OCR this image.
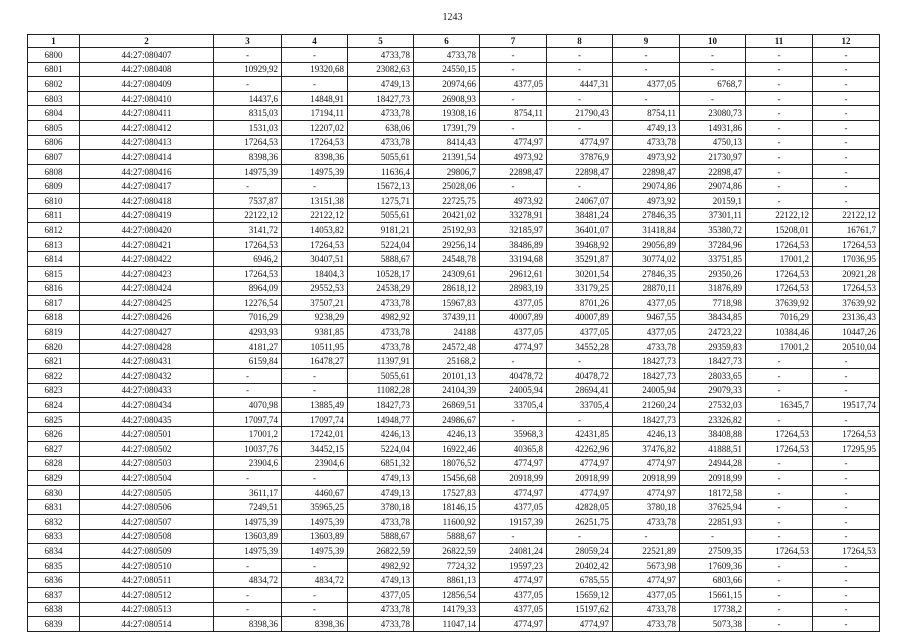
1243
1	2	3	4	5	6	7	8	9	10	11	12
6800	44:27:080407	-	-	4733,78	4733,78	-	-	-	-	-	-
6801	44:27:080408	10929,92	19320,68	23082,63	24550,15	-	-	-	-	-	-
6802	44:27:080409	-	-	4749,13	20974,66	4377,05	4447,31	4377,05	6768,7	-	-
6803	44:27:080410	14437,6	14848,91	18427,73	26908,93	-	-	-	-	-	-
6804	44:27:080411	8315,03	17194,11	4733,78	19308,16	8754,11	21790,43	8754,11	23080,73	-	-
6805	44:27:080412	1531,03	12207,02	638,06	17391,79	-	-	4749,13	14931,86	-	-
6806	44:27:080413	17264,53	17264,53	4733,78	8414,43	4774,97	4774,97	4733,78	4750,13	-	-
6807	44:27:080414	8398,36	8398,36	5055,61	21391,54	4973,92	37876,9	4973,92	21730,97	-	-
6808	44:27:080416	14975,39	14975,39	11636,4	29806,7	22898,47	22898,47	22898,47	22898,47	-	-
6809	44:27:080417	-	-	15672,13	25028,06	-	-	29074,86	29074,86	-	-
6810	44:27:080418	7537,87	13151,38	1275,71	22725,75	4973,92	24067,07	4973,92	20159,1	-	-
6811	44:27:080419	22122,12	22122,12	5055,61	20421,02	33278,91	38481,24	27846,35	37301,11	22122,12	22122,12
6812	44:27:080420	3141,72	14053,82	9181,21	25192,93	32185,97	36401,07	31418,84	35380,72	15208,01	16761,7
6813	44:27:080421	17264,53	17264,53	5224,04	29256,14	38486,89	39468,92	29056,89	37284,96	17264,53	17264,53
6814	44:27:080422	6946,2	30407,51	5888,67	24548,78	33194,68	35291,87	30774,02	33751,85	17001,2	17036,95
6815	44:27:080423	17264,53	18404,3	10528,17	24309,61	29612,61	30201,54	27846,35	29350,26	17264,53	20921,28
6816	44:27:080424	8964,09	29552,53	24538,29	28618,12	28983,19	33179,25	28870,11	31876,89	17264,53	17264,53
6817	44:27:080425	12276,54	37507,21	4733,78	15967,83	4377,05	8701,26	4377,05	7718,98	37639,92	37639,92
6818	44:27:080426	7016,29	9238,29	4982,92	37439,11	40007,89	40007,89	9467,55	38434,85	7016,29	23136,43
6819	44:27:080427	4293,93	9381,85	4733,78	24188	4377,05	4377,05	4377,05	24723,22	10384,46	10447,26
6820	44:27:080428	4181,27	10511,95	4733,78	24572,48	4774,97	34552,28	4733,78	29359,83	17001,2	20510,04
6821	44:27:080431	6159,84	16478,27	11397,91	25168,2	-	-	18427,73	18427,73	-	-
6822	44:27:080432	-	-	5055,61	20101,13	40478,72	40478,72	18427,73	28033,65	-	-
6823	44:27:080433	-	-	11082,28	24104,39	24005,94	28694,41	24005,94	29079,33	-	-
6824	44:27:080434	4070,98	13885,49	18427,73	26869,51	33705,4	33705,4	21260,24	27532,03	16345,7	19517,74
6825	44:27:080435	17097,74	17097,74	14948,77	24986,67	-	-	18427,73	23326,82	-	-
6826	44:27:080501	17001,2	17242,01	4246,13	4246,13	35968,3	42431,85	4246,13	38408,88	17264,53	17264,53
6827	44:27:080502	10037,76	34452,15	5224,04	16922,46	40365,8	42262,96	37476,82	41888,51	17264,53	17295,95
6828	44:27:080503	23904,6	23904,6	6851,32	18076,52	4774,97	4774,97	4774,97	24944,28	-	-
6829	44:27:080504	-	-	4749,13	15456,68	20918,99	20918,99	20918,99	20918,99	-	-
6830	44:27:080505	3611,17	4460,67	4749,13	17527,83	4774,97	4774,97	4774,97	18172,58	-	-
6831	44:27:080506	7249,51	35965,25	3780,18	18146,15	4377,05	42828,05	3780,18	37625,94	-	-
6832	44:27:080507	14975,39	14975,39	4733,78	11600,92	19157,39	26251,75	4733,78	22851,93	-	-
6833	44:27:080508	13603,89	13603,89	5888,67	5888,67	-	-	-	-	-	-
6834	44:27:080509	14975,39	14975,39	26822,59	26822,59	24081,24	28059,24	22521,89	27509,35	17264,53	17264,53
6835	44:27:080510	-	-	4982,92	7724,32	19597,23	20402,42	5673,98	17609,36	-	-
6836	44:27:080511	4834,72	4834,72	4749,13	8861,13	4774,97	6785,55	4774,97	6803,66	-	-
6837	44:27:080512	-	-	4377,05	12856,54	4377,05	15659,12	4377,05	15661,15	-	-
6838	44:27:080513	-	-	4733,78	14179,33	4377,05	15197,62	4733,78	17738,2	-	-
6839	44:27:080514	8398,36	8398,36	4733,78	11047,14	4774,97	4774,97	4733,78	5073,38	-	-
